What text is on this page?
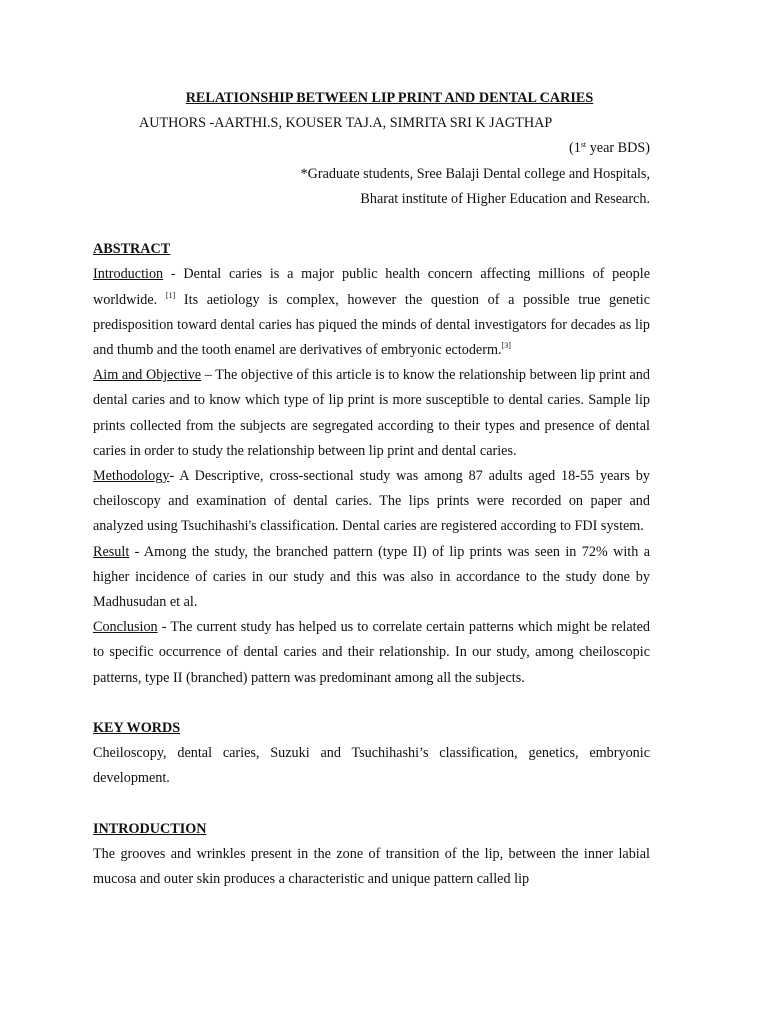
RELATIONSHIP BETWEEN LIP PRINT AND DENTAL CARIES
AUTHORS -AARTHI.S, KOUSER TAJ.A, SIMRITA SRI K JAGTHAP
(1st year BDS)
*Graduate students, Sree Balaji Dental college and Hospitals,
Bharat institute of Higher Education and Research.
ABSTRACT
Introduction - Dental caries is a major public health concern affecting millions of people worldwide. [1] Its aetiology is complex, however the question of a possible true genetic predisposition toward dental caries has piqued the minds of dental investigators for decades as lip and thumb and the tooth enamel are derivatives of embryonic ectoderm.[3]
Aim and Objective – The objective of this article is to know the relationship between lip print and dental caries and to know which type of lip print is more susceptible to dental caries. Sample lip prints collected from the subjects are segregated according to their types and presence of dental caries in order to study the relationship between lip print and dental caries.
Methodology- A Descriptive, cross-sectional study was among 87 adults aged 18-55 years by cheiloscopy and examination of dental caries. The lips prints were recorded on paper and analyzed using Tsuchihashi's classification. Dental caries are registered according to FDI system.
Result - Among the study, the branched pattern (type II) of lip prints was seen in 72% with a higher incidence of caries in our study and this was also in accordance to the study done by Madhusudan et al.
Conclusion - The current study has helped us to correlate certain patterns which might be related to specific occurrence of dental caries and their relationship. In our study, among cheiloscopic patterns, type II (branched) pattern was predominant among all the subjects.
KEY WORDS
Cheiloscopy, dental caries, Suzuki and Tsuchihashi’s classification, genetics, embryonic development.
INTRODUCTION
The grooves and wrinkles present in the zone of transition of the lip, between the inner labial mucosa and outer skin produces a characteristic and unique pattern called lip
